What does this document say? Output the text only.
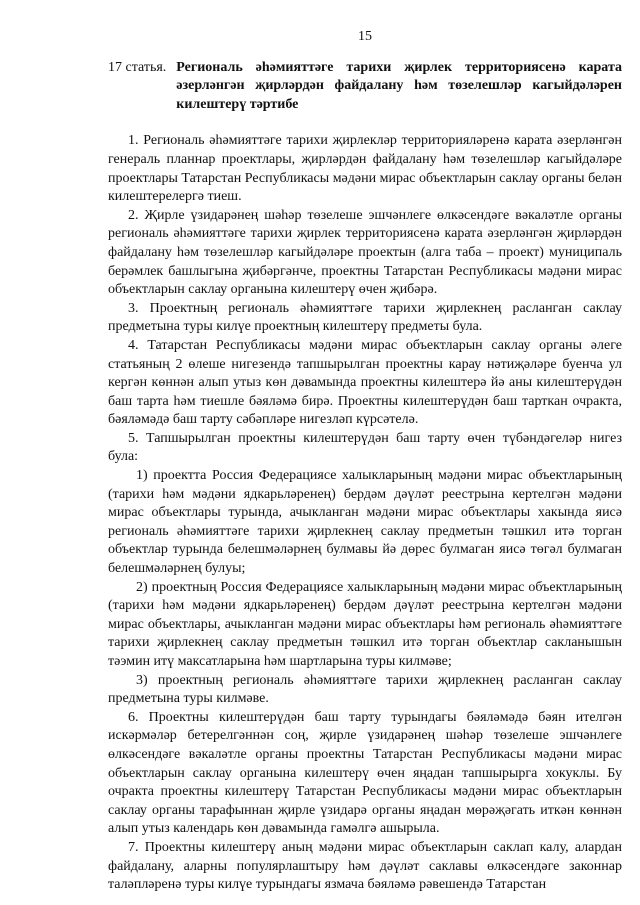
15
17 статья. Региональ әһәмияттәге тарихи җирлек территориясенә карата әзерләнгән җирләрдән файдалану һәм төзелешләр кагыйдәләрен килештерү тәртибе

1. Региональ әһәмияттәге тарихи җирлекләр территорияләренә карата әзерләнгән генераль планнар проектлары, җирләрдән файдалану һәм төзелешләр кагыйдәләре проектлары Татарстан Республикасы мәдәни мирас объектларын саклау органы белән килештерелергә тиеш.

2. Җирле үзидарәнең шәһәр төзелеше эшчәнлеге өлкәсендәге вәкаләтле органы региональ әһәмияттәге тарихи җирлек территориясенә карата әзерләнгән җирләрдән файдалану һәм төзелешләр кагыйдәләре проектын (алга таба – проект) муниципаль берәмлек башлыгына җибәргәнче, проектны Татарстан Республикасы мәдәни мирас объектларын саклау органына килештерү өчен җибәрә.

3. Проектның региональ әһәмияттәге тарихи җирлекнең расланган саклау предметына туры килүе проектның килештерү предметы була.

4. Татарстан Республикасы мәдәни мирас объектларын саклау органы әлеге статьяның 2 өлеше нигезендә тапшырылган проектны карау нәтиҗәләре буенча ул кергән көннән алып утыз көн дәвамында проектны килештерә йә аны килештерүдән баш тарта һәм тиешле бәяләмә бирә. Проектны килештерүдән баш тарткан очракта, бәяләмәдә баш тарту сәбәпләре нигезләп күрсәтелә.

5. Тапшырылган проектны килештерүдән баш тарту өчен түбәндәгеләр нигез була:

1) проектта Россия Федерациясе халыкларының мәдәни мирас объектларының (тарихи һәм мәдәни ядкарьләренең) бердәм дәүләт реестрына кертелгән мәдәни мирас объектлары турында, ачыкланган мәдәни мирас объектлары хакында яисә региональ әһәмияттәге тарихи җирлекнең саклау предметын тәшкил итә торган объектлар турында белешмәләрнең булмавы йә дөрес булмаган яисә төгәл булмаган белешмәләрнең булуы;

2) проектның Россия Федерациясе халыкларының мәдәни мирас объектларының (тарихи һәм мәдәни ядкарьләренең) бердәм дәүләт реестрына кертелгән мәдәни мирас объектлары, ачыкланган мәдәни мирас объектлары һәм региональ әһәмияттәге тарихи җирлекнең саклау предметын тәшкил итә торган объектлар сакланышын тәэмин итү максатларына һәм шартларына туры килмәве;

3) проектның региональ әһәмияттәге тарихи җирлекнең расланган саклау предметына туры килмәве.

6. Проектны килештерүдән баш тарту турындагы бәяләмәдә бәян ителгән искәрмәләр бетерелгәннән соң, җирле үзидарәнең шәһәр төзелеше эшчәнлеге өлкәсендәге вәкаләтле органы проектны Татарстан Республикасы мәдәни мирас объектларын саклау органына килештерү өчен яңадан тапшырырга хокуклы. Бу очракта проектны килештерү Татарстан Республикасы мәдәни мирас объектларын саклау органы тарафыннан җирле үзидарә органы яңадан мөрәҗәгать иткән көннән алып утыз календарь көн дәвамында гамәлгә ашырыла.

7. Проектны килештерү аның мәдәни мирас объектларын саклап калу, алардан файдалану, аларны популярлаштыру һәм дәүләт саклавы өлкәсендәге законнар таләпләренә туры килүе турындагы язмача бәяләмә рәвешендә Татарстан
